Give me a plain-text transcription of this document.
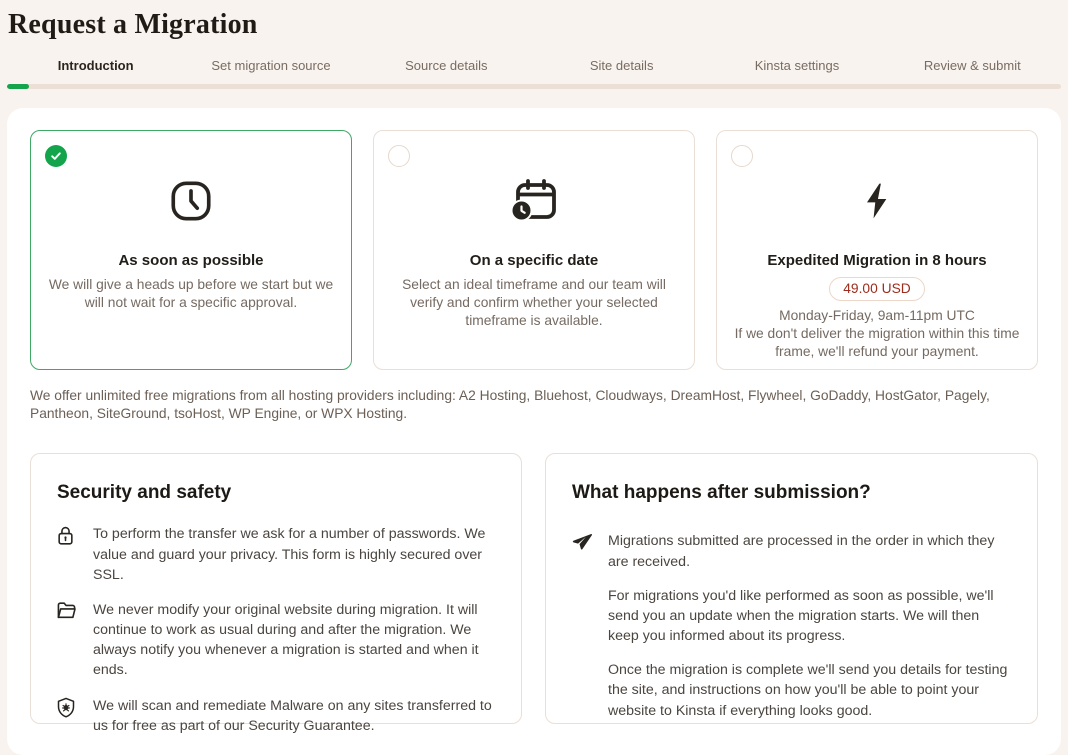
Request a Migration
Introduction	Set migration source	Source details	Site details	Kinsta settings	Review & submit
As soon as possible
We will give a heads up before we start but we will not wait for a specific approval.
On a specific date
Select an ideal timeframe and our team will verify and confirm whether your selected timeframe is available.
Expedited Migration in 8 hours
49.00 USD
Monday-Friday, 9am-11pm UTC
If we don't deliver the migration within this time frame, we'll refund your payment.
We offer unlimited free migrations from all hosting providers including: A2 Hosting, Bluehost, Cloudways, DreamHost, Flywheel, GoDaddy, HostGator, Pagely, Pantheon, SiteGround, tsoHost, WP Engine, or WPX Hosting.
Security and safety
To perform the transfer we ask for a number of passwords. We value and guard your privacy. This form is highly secured over SSL.
We never modify your original website during migration. It will continue to work as usual during and after the migration. We always notify you whenever a migration is started and when it ends.
We will scan and remediate Malware on any sites transferred to us for free as part of our Security Guarantee.
What happens after submission?
Migrations submitted are processed in the order in which they are received.
For migrations you'd like performed as soon as possible, we'll send you an update when the migration starts. We will then keep you informed about its progress.
Once the migration is complete we'll send you details for testing the site, and instructions on how you'll be able to point your website to Kinsta if everything looks good.
